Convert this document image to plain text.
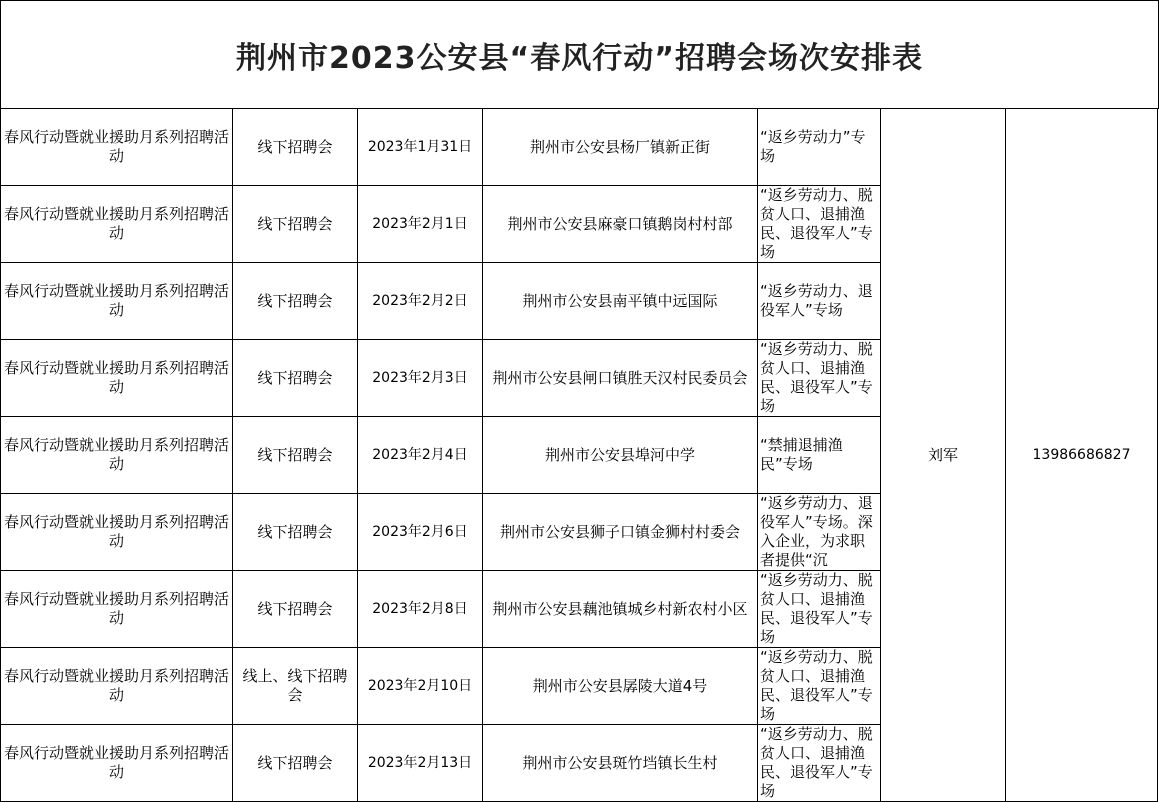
荆州市2023公安县“春风行动”招聘会场次安排表
春风行动暨就业援助月系列招聘活动	线下招聘会	2023年1月31日	荆州市公安县杨厂镇新正街	“返乡劳动力”专场	刘军	13986686827
春风行动暨就业援助月系列招聘活动	线下招聘会	2023年2月1日	荆州市公安县麻豪口镇鹅岗村村部	“返乡劳动力、脱贫人口、退捕渔民、退役军人”专场		

春风行动暨就业援助月系列招聘活动	线下招聘会	2023年2月2日	荆州市公安县南平镇中远国际	“返乡劳动力、退役军人”专场		

春风行动暨就业援助月系列招聘活动	线下招聘会	2023年2月3日	荆州市公安县闸口镇胜天汉村民委员会	“返乡劳动力、脱贫人口、退捕渔民、退役军人”专场		

春风行动暨就业援助月系列招聘活动	线下招聘会	2023年2月4日	荆州市公安县埠河中学	“禁捕退捕渔民”专场		

春风行动暨就业援助月系列招聘活动	线下招聘会	2023年2月6日	荆州市公安县狮子口镇金狮村村委会	“返乡劳动力、退役军人”专场。深入企业，为求职者提供“沉		

春风行动暨就业援助月系列招聘活动	线下招聘会	2023年2月8日	荆州市公安县藕池镇城乡村新农村小区	“返乡劳动力、脱贫人口、退捕渔民、退役军人”专场		

春风行动暨就业援助月系列招聘活动	线上、线下招聘会	2023年2月10日	荆州市公安县孱陵大道4号	“返乡劳动力、脱贫人口、退捕渔民、退役军人”专场		

春风行动暨就业援助月系列招聘活动	线下招聘会	2023年2月13日	荆州市公安县斑竹垱镇长生村	“返乡劳动力、脱贫人口、退捕渔民、退役军人”专场		
